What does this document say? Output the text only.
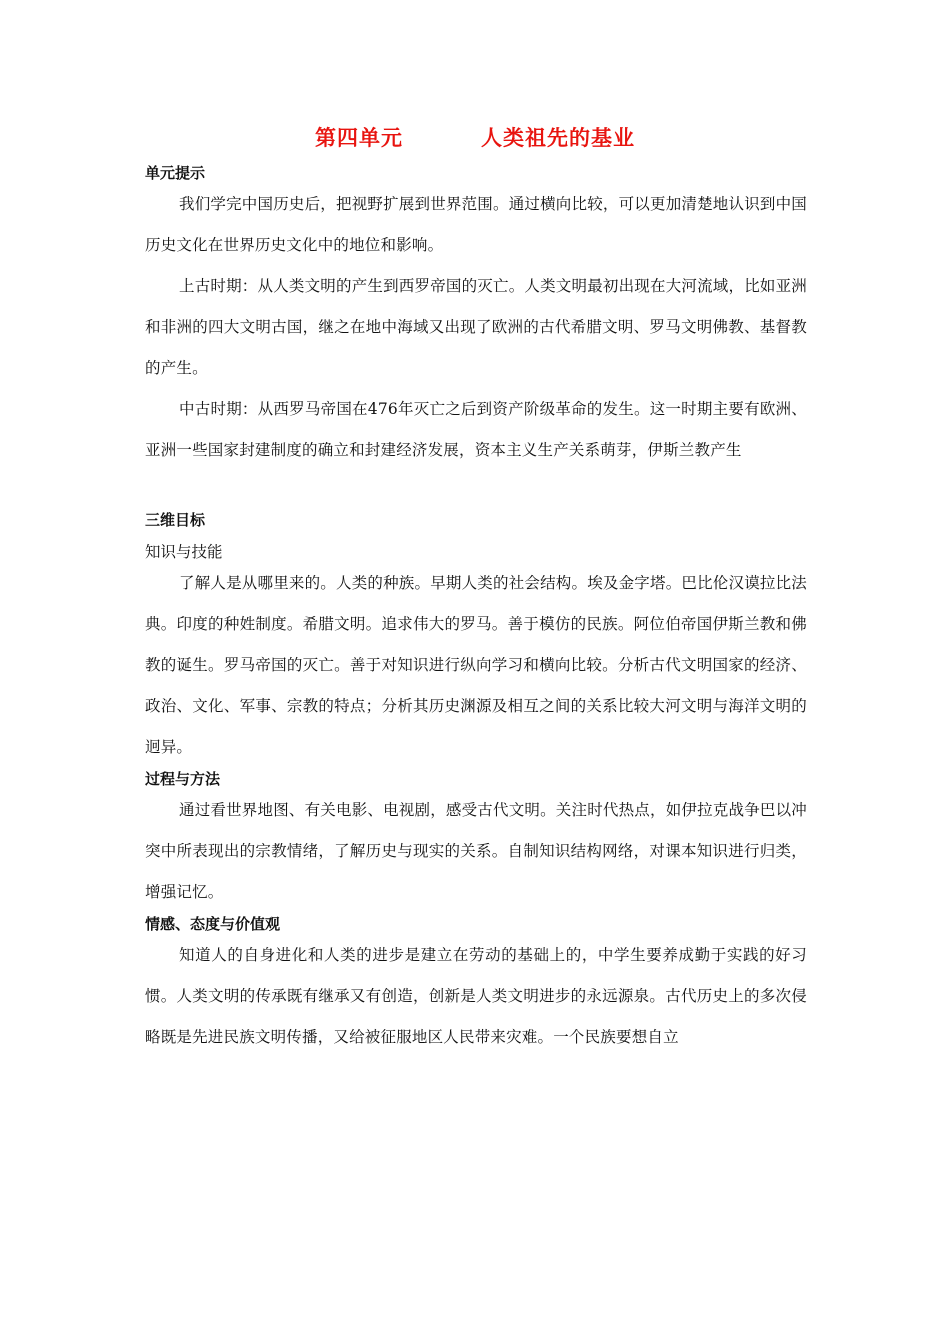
第四单元	人类祖先的基业
单元提示

我们学完中国历史后，把视野扩展到世界范围。通过横向比较，可以更加清楚地认识到中国历史文化在世界历史文化中的地位和影响。

上古时期：从人类文明的产生到西罗帝国的灭亡。人类文明最初出现在大河流域，比如亚洲和非洲的四大文明古国，继之在地中海域又出现了欧洲的古代希腊文明、罗马文明佛教、基督教的产生。

中古时期：从西罗马帝国在476年灭亡之后到资产阶级革命的发生。这一时期主要有欧洲、亚洲一些国家封建制度的确立和封建经济发展，资本主义生产关系萌芽，伊斯兰教产生

三维目标
知识与技能

了解人是从哪里来的。人类的种族。早期人类的社会结构。埃及金字塔。巴比伦汉谟拉比法典。印度的种姓制度。希腊文明。追求伟大的罗马。善于模仿的民族。阿位伯帝国伊斯兰教和佛教的诞生。罗马帝国的灭亡。善于对知识进行纵向学习和横向比较。分析古代文明国家的经济、政治、文化、军事、宗教的特点；分析其历史渊源及相互之间的关系比较大河文明与海洋文明的迥异。

过程与方法

通过看世界地图、有关电影、电视剧，感受古代文明。关注时代热点，如伊拉克战争巴以冲突中所表现出的宗教情绪，了解历史与现实的关系。自制知识结构网络，对课本知识进行归类，增强记忆。

情感、态度与价值观

知道人的自身进化和人类的进步是建立在劳动的基础上的，中学生要养成勤于实践的好习惯。人类文明的传承既有继承又有创造，创新是人类文明进步的永远源泉。古代历史上的多次侵略既是先进民族文明传播，又给被征服地区人民带来灾难。一个民族要想自立
